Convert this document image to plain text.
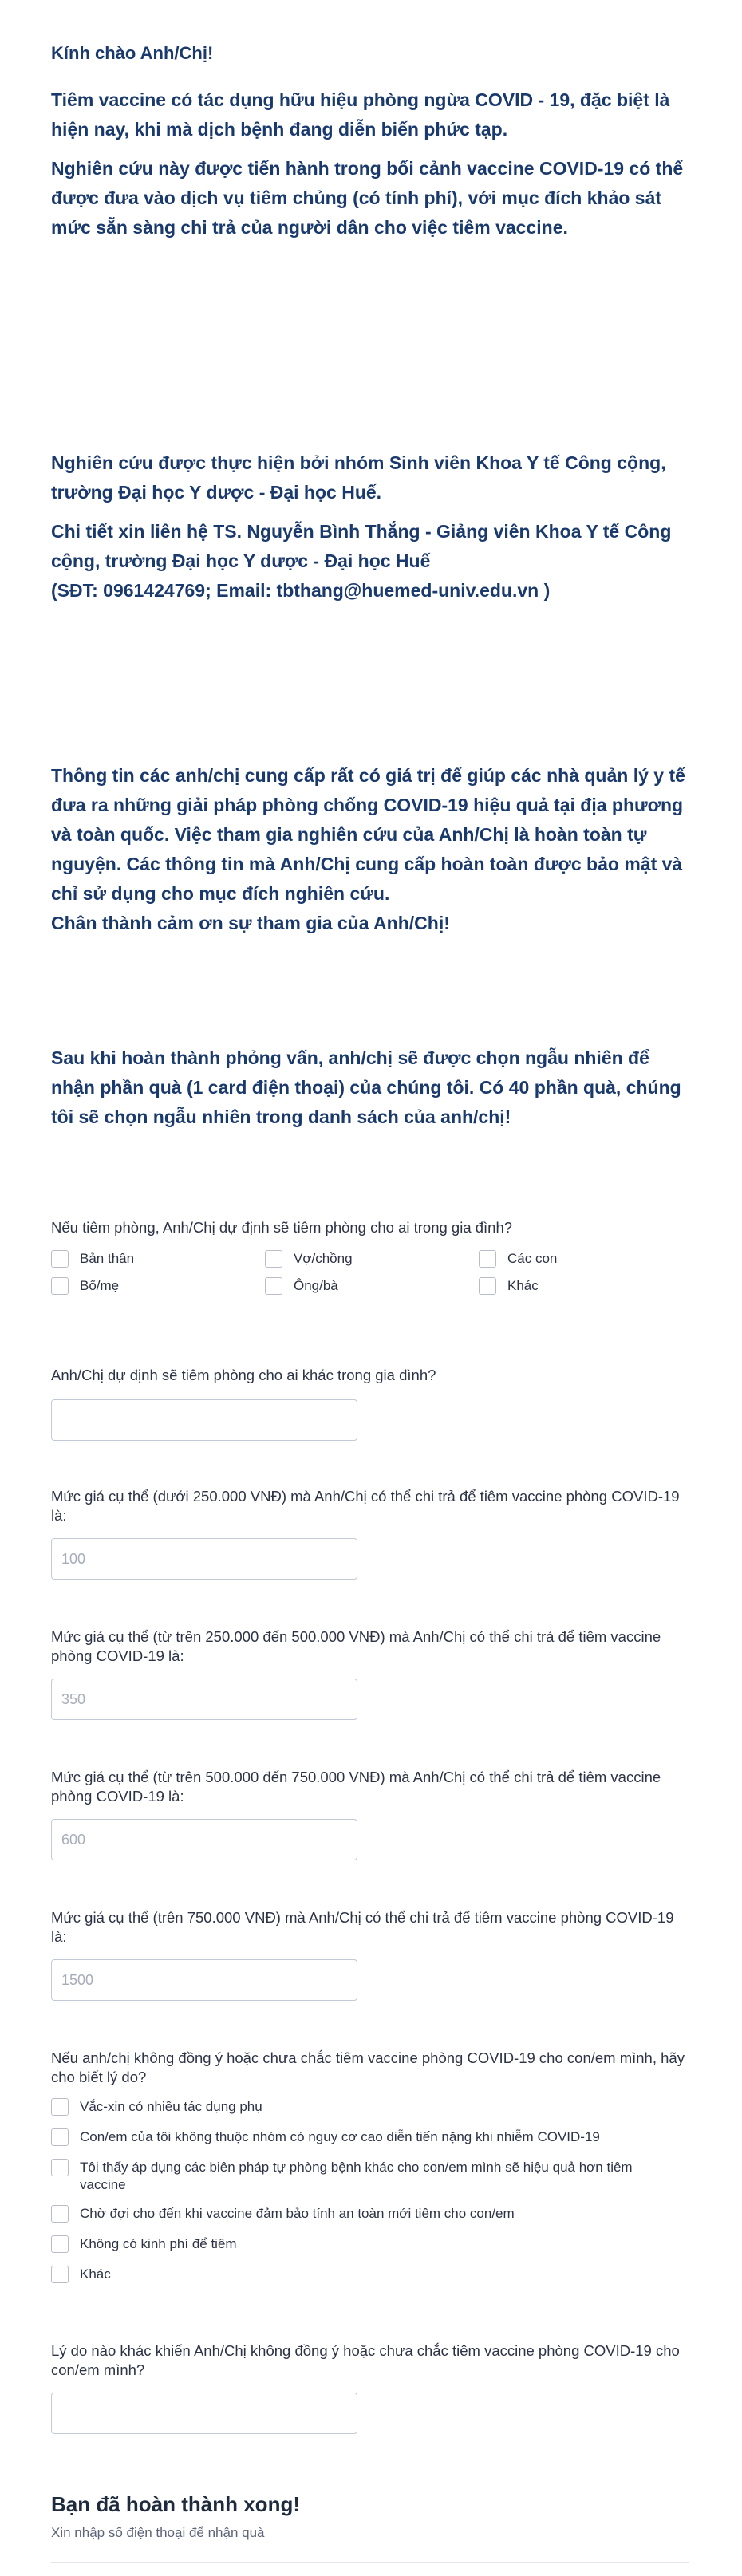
Kính chào Anh/Chị!

Tiêm vaccine có tác dụng hữu hiệu phòng ngừa COVID - 19, đặc biệt là hiện nay, khi mà dịch bệnh đang diễn biến phức tạp.

Nghiên cứu này được tiến hành trong bối cảnh vaccine COVID-19 có thể được đưa vào dịch vụ tiêm chủng (có tính phí), với mục đích khảo sát mức sẵn sàng chi trả của người dân cho việc tiêm vaccine.

Nghiên cứu được thực hiện bởi nhóm Sinh viên Khoa Y tế Công cộng, trường Đại học Y dược - Đại học Huế.

Chi tiết xin liên hệ TS. Nguyễn Bình Thắng - Giảng viên Khoa Y tế Công cộng, trường Đại học Y dược - Đại học Huế

(SĐT: 0961424769; Email: tbthang@huemed-univ.edu.vn )

Thông tin các anh/chị cung cấp rất có giá trị để giúp các nhà quản lý y tế đưa ra những giải pháp phòng chống COVID-19 hiệu quả tại địa phương và toàn quốc. Việc tham gia nghiên cứu của Anh/Chị là hoàn toàn tự nguyện. Các thông tin mà Anh/Chị cung cấp hoàn toàn được bảo mật và chỉ sử dụng cho mục đích nghiên cứu.

Chân thành cảm ơn sự tham gia của Anh/Chị!

Sau khi hoàn thành phỏng vấn, anh/chị sẽ được chọn ngẫu nhiên để nhận phần quà (1 card điện thoại) của chúng tôi. Có 40 phần quà, chúng tôi sẽ chọn ngẫu nhiên trong danh sách của anh/chị!

Nếu tiêm phòng, Anh/Chị dự định sẽ tiêm phòng cho ai trong gia đình?

Bản thân	Vợ/chồng	Các con
Bố/mẹ	Ông/bà	Khác

Anh/Chị dự định sẽ tiêm phòng cho ai khác trong gia đình?

Mức giá cụ thể (dưới 250.000 VNĐ) mà Anh/Chị có thể chi trả để tiêm vaccine phòng COVID-19 là:

100

Mức giá cụ thể (từ trên 250.000 đến 500.000 VNĐ) mà Anh/Chị có thể chi trả để tiêm vaccine phòng COVID-19 là:

350

Mức giá cụ thể (từ trên 500.000 đến 750.000 VNĐ) mà Anh/Chị có thể chi trả để tiêm vaccine phòng COVID-19 là:

600

Mức giá cụ thể (trên 750.000 VNĐ) mà Anh/Chị có thể chi trả để tiêm vaccine phòng COVID-19 là:

1500

Nếu anh/chị không đồng ý hoặc chưa chắc tiêm vaccine phòng COVID-19 cho con/em mình, hãy cho biết lý do?

Vắc-xin có nhiều tác dụng phụ
Con/em của tôi không thuộc nhóm có nguy cơ cao diễn tiến nặng khi nhiễm COVID-19
Tôi thấy áp dụng các biên pháp tự phòng bệnh khác cho con/em mình sẽ hiệu quả hơn tiêm vaccine
Chờ đợi cho đến khi vaccine đảm bảo tính an toàn mới tiêm cho con/em
Không có kinh phí để tiêm
Khác

Lý do nào khác khiến Anh/Chị không đồng ý hoặc chưa chắc tiêm vaccine phòng COVID-19 cho con/em mình?

Bạn đã hoàn thành xong!

Xin nhập số điện thoại để nhận quà
